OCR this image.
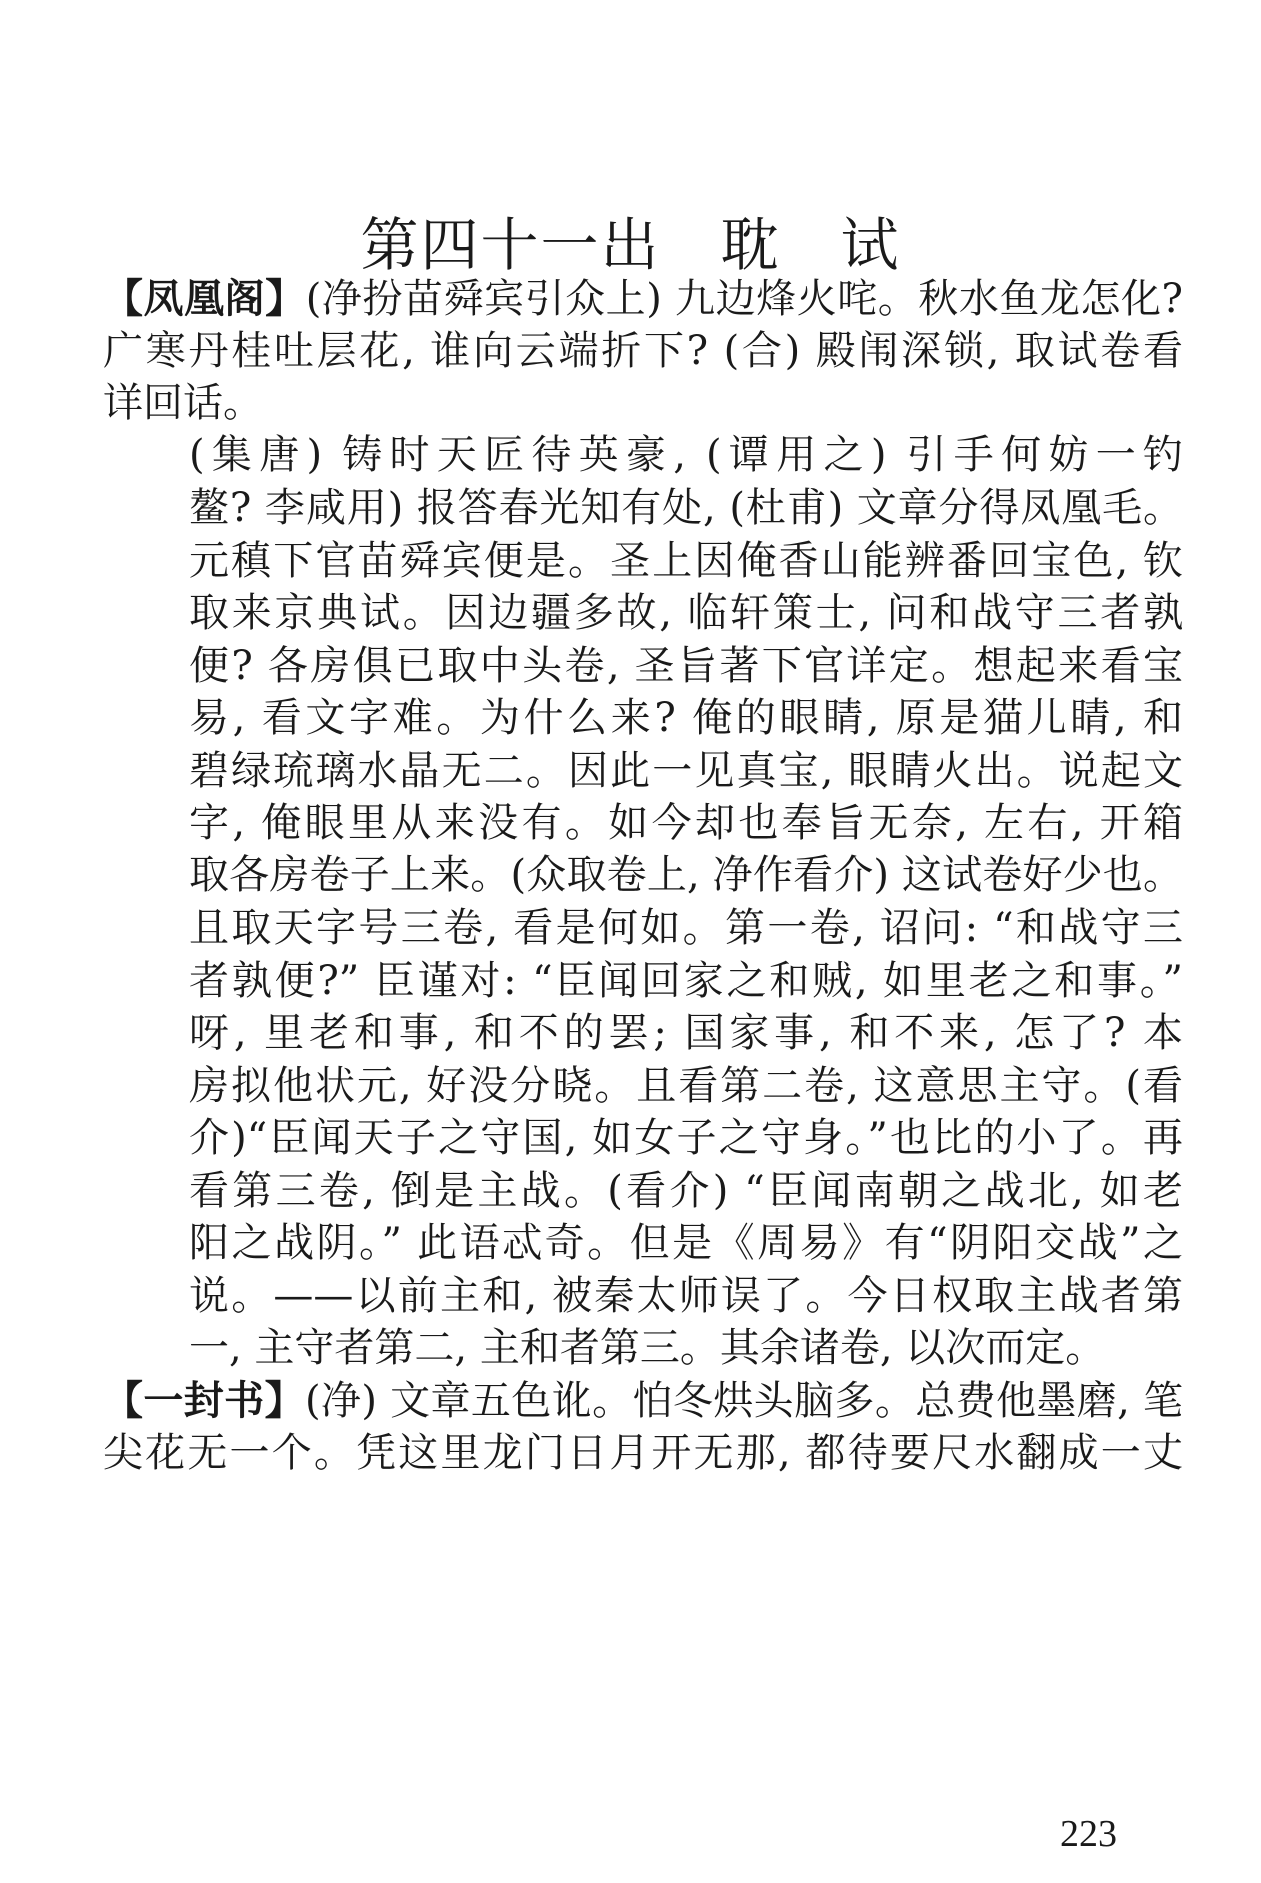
第四十一出　耽　试
【凤凰阁】(净扮苗舜宾引众上) 九边烽火咤。秋水鱼龙怎化?
广寒丹桂吐层花, 谁向云端折下? (合) 殿闱深锁, 取试卷看
详回话。
(集唐) 铸时天匠待英豪, (谭用之) 引手何妨一钓
鳌? 李咸用) 报答春光知有处, (杜甫) 文章分得凤凰毛。
元稹下官苗舜宾便是。圣上因俺香山能辨番回宝色, 钦
取来京典试。因边疆多故, 临轩策士, 问和战守三者孰
便? 各房俱已取中头卷, 圣旨著下官详定。想起来看宝
易, 看文字难。为什么来? 俺的眼睛, 原是猫儿睛, 和
碧绿琉璃水晶无二。因此一见真宝, 眼睛火出。说起文
字, 俺眼里从来没有。如今却也奉旨无奈, 左右, 开箱
取各房卷子上来。(众取卷上, 净作看介) 这试卷好少也。
且取天字号三卷, 看是何如。第一卷, 诏问: “和战守三
者孰便?” 臣谨对: “臣闻回家之和贼, 如里老之和事。”
呀, 里老和事, 和不的罢; 国家事, 和不来, 怎了? 本
房拟他状元, 好没分晓。且看第二卷, 这意思主守。(看
介)“臣闻天子之守国, 如女子之守身。”也比的小了。再
看第三卷, 倒是主战。(看介) “臣闻南朝之战北, 如老
阳之战阴。” 此语忒奇。但是《周易》有“阴阳交战”之
说。——以前主和, 被秦太师误了。今日权取主战者第
一, 主守者第二, 主和者第三。其余诸卷, 以次而定。
【一封书】(净) 文章五色讹。怕冬烘头脑多。总费他墨磨, 笔
尖花无一个。凭这里龙门日月开无那, 都待要尺水翻成一丈
223
